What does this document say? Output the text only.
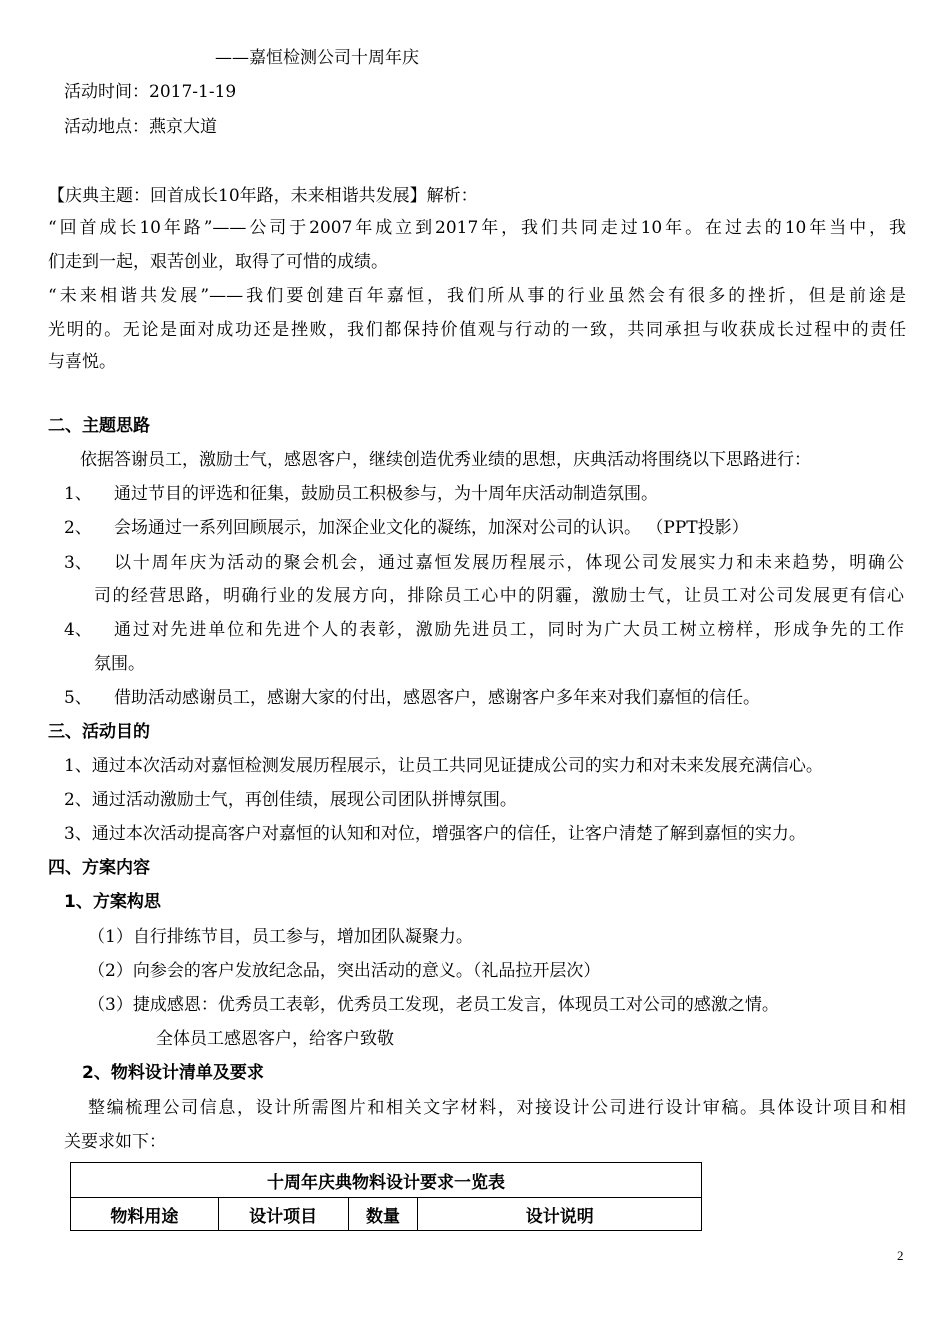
——嘉恒检测公司十周年庆
活动时间：2017-1-19
活动地点：燕京大道
【庆典主题：回首成长10年路，未来相谐共发展】解析：
“回首成长10年路”——公司于2007年成立到2017年，我们共同走过10年。在过去的10年当中，我
们走到一起，艰苦创业，取得了可惜的成绩。
“未来相谐共发展”——我们要创建百年嘉恒，我们所从事的行业虽然会有很多的挫折，但是前途是
光明的。无论是面对成功还是挫败，我们都保持价值观与行动的一致，共同承担与收获成长过程中的责任
与喜悦。
二、主题思路
依据答谢员工，激励士气，感恩客户，继续创造优秀业绩的思想，庆典活动将围绕以下思路进行：
1、 通过节目的评选和征集，鼓励员工积极参与，为十周年庆活动制造氛围。
2、 会场通过一系列回顾展示，加深企业文化的凝练，加深对公司的认识。 （PPT投影）
3、 以十周年庆为活动的聚会机会，通过嘉恒发展历程展示，体现公司发展实力和未来趋势，明确公
司的经营思路，明确行业的发展方向，排除员工心中的阴霾，激励士气，让员工对公司发展更有信心
4、 通过对先进单位和先进个人的表彰，激励先进员工，同时为广大员工树立榜样，形成争先的工作
氛围。
5、 借助活动感谢员工，感谢大家的付出，感恩客户，感谢客户多年来对我们嘉恒的信任。
三、活动目的
1、通过本次活动对嘉恒检测发展历程展示，让员工共同见证捷成公司的实力和对未来发展充满信心。
2、通过活动激励士气，再创佳绩，展现公司团队拼博氛围。
3、通过本次活动提高客户对嘉恒的认知和对位，增强客户的信任，让客户清楚了解到嘉恒的实力。
四、方案内容
1、方案构思
（1）自行排练节目，员工参与，增加团队凝聚力。
（2）向参会的客户发放纪念品，突出活动的意义。（礼品拉开层次）
（3）捷成感恩：优秀员工表彰，优秀员工发现，老员工发言，体现员工对公司的感激之情。
全体员工感恩客户，给客户致敬
2、物料设计清单及要求
整编梳理公司信息，设计所需图片和相关文字材料，对接设计公司进行设计审稿。具体设计项目和相
关要求如下：
十周年庆典物料设计要求一览表
物料用途	设计项目	数量	设计说明
2
